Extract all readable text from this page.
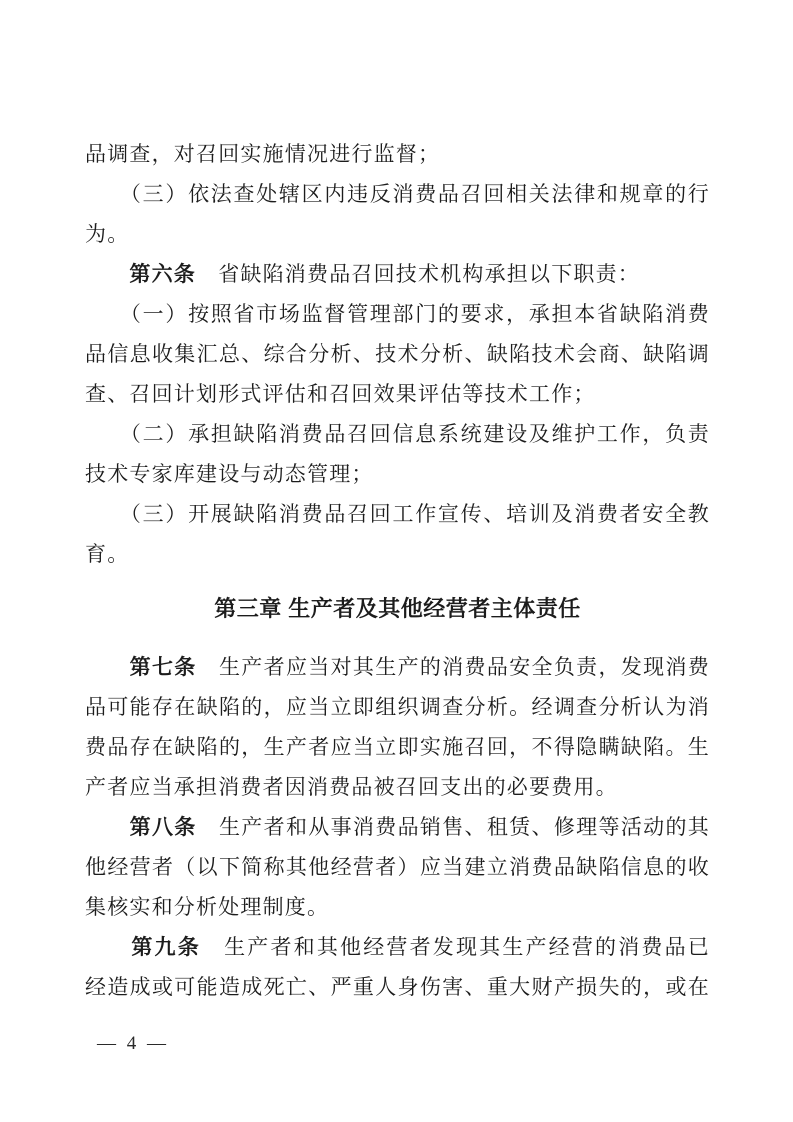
品调查，对召回实施情况进行监督；
　　（三）依法查处辖区内违反消费品召回相关法律和规章的行
为。
　　第六条　省缺陷消费品召回技术机构承担以下职责：
　　（一）按照省市场监督管理部门的要求，承担本省缺陷消费
品信息收集汇总、综合分析、技术分析、缺陷技术会商、缺陷调
查、召回计划形式评估和召回效果评估等技术工作；
　　（二）承担缺陷消费品召回信息系统建设及维护工作，负责
技术专家库建设与动态管理；
　　（三）开展缺陷消费品召回工作宣传、培训及消费者安全教
育。
第三章 生产者及其他经营者主体责任
　　第七条　生产者应当对其生产的消费品安全负责，发现消费
品可能存在缺陷的，应当立即组织调查分析。经调查分析认为消
费品存在缺陷的，生产者应当立即实施召回，不得隐瞒缺陷。生
产者应当承担消费者因消费品被召回支出的必要费用。
　　第八条　生产者和从事消费品销售、租赁、修理等活动的其
他经营者（以下简称其他经营者）应当建立消费品缺陷信息的收
集核实和分析处理制度。
　　第九条　生产者和其他经营者发现其生产经营的消费品已
经造成或可能造成死亡、严重人身伤害、重大财产损失的，或在
— 4 —
